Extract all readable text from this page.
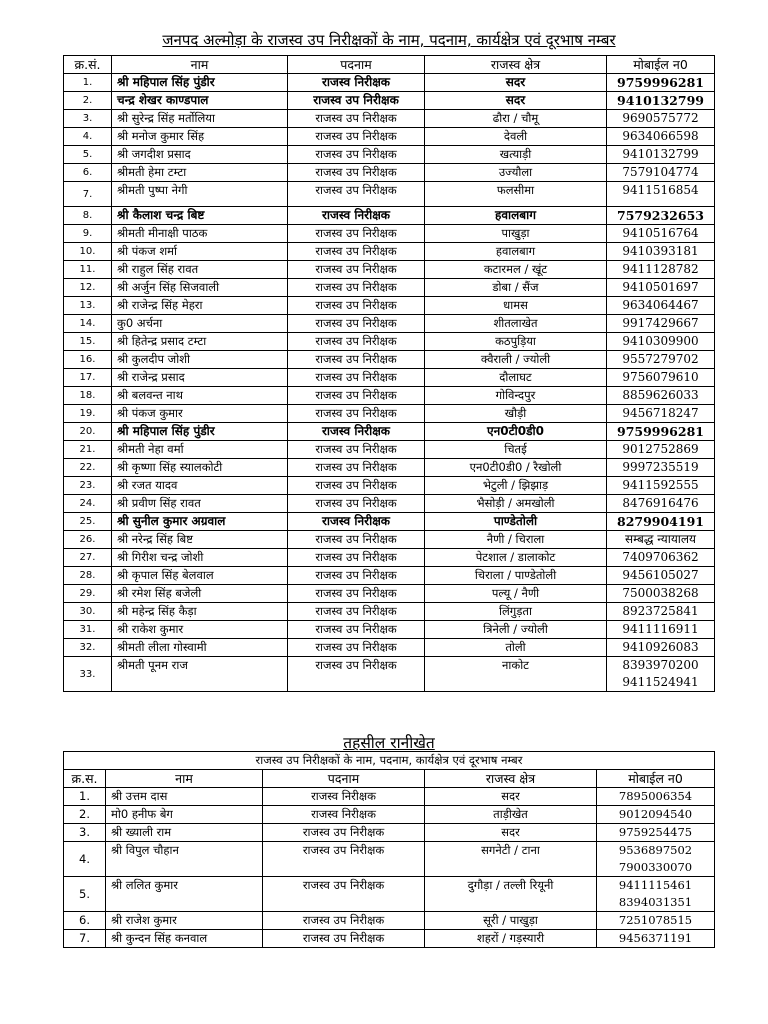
जनपद अल्मोड़ा के राजस्व उप निरीक्षकों के नाम, पदनाम, कार्यक्षेत्र एवं दूरभाष नम्बर
क्र.सं.	नाम	पदनाम	राजस्व क्षेत्र	मोबाईल न0
1.	श्री महिपाल सिंह पुंडीर	राजस्व निरीक्षक	सदर	9759996281

2.	चन्द्र शेखर काण्डपाल	राजस्व उप निरीक्षक	सदर	9410132799

3.	श्री सुरेन्द्र सिंह मर्तोलिया	राजस्व उप निरीक्षक	ढौरा / चौमू	9690575772

4.	श्री मनोज कुमार सिंह	राजस्व उप निरीक्षक	देवली	9634066598

5.	श्री जगदीश प्रसाद	राजस्व उप निरीक्षक	खत्याड़ी	9410132799

6.	श्रीमती हेमा टम्टा	राजस्व उप निरीक्षक	उज्यौला	7579104774

7.	श्रीमती पुष्पा नेगी	राजस्व उप निरीक्षक	फलसीमा	9411516854

8.	श्री कैलाश चन्द्र बिष्ट	राजस्व निरीक्षक	हवालबाग	7579232653

9.	श्रीमती मीनाक्षी पाठक	राजस्व उप निरीक्षक	पाखुड़ा	9410516764

10.	श्री पंकज शर्मा	राजस्व उप निरीक्षक	हवालबाग	9410393181

11.	श्री राहुल सिंह रावत	राजस्व उप निरीक्षक	कटारमल / खूंट	9411128782

12.	श्री अर्जुन सिंह सिजवाली	राजस्व उप निरीक्षक	डोबा / सैंज	9410501697

13.	श्री राजेन्द्र सिंह मेहरा	राजस्व उप निरीक्षक	धामस	9634064467

14.	कु0 अर्चना	राजस्व उप निरीक्षक	शीतलाखेत	9917429667

15.	श्री हितेन्द्र प्रसाद टम्टा	राजस्व उप निरीक्षक	कठपुड़िया	9410309900

16.	श्री कुलदीप जोशी	राजस्व उप निरीक्षक	क्वैराली / ज्योली	9557279702

17.	श्री राजेन्द्र प्रसाद	राजस्व उप निरीक्षक	दौलाघट	9756079610

18.	श्री बलवन्त नाथ	राजस्व उप निरीक्षक	गोविन्दपुर	8859626033

19.	श्री पंकज कुमार	राजस्व उप निरीक्षक	खौड़ी	9456718247

20.	श्री महिपाल सिंह पुंडीर	राजस्व निरीक्षक	एन0टी0डी0	9759996281

21.	श्रीमती नेहा वर्मा	राजस्व उप निरीक्षक	चितई	9012752869

22.	श्री कृष्णा सिंह स्यालकोटी	राजस्व उप निरीक्षक	एन0टी0डी0 / रैखोली	9997235519

23.	श्री रजत यादव	राजस्व उप निरीक्षक	भेटुली / झिझाड़	9411592555

24.	श्री प्रवीण सिंह रावत	राजस्व उप निरीक्षक	भैसोड़ी / अमखोली	8476916476

25.	श्री सुनील कुमार अग्रवाल	राजस्व निरीक्षक	पाण्डेतोली	8279904191

26.	श्री नरेन्द्र सिंह बिष्ट	राजस्व उप निरीक्षक	नैणी / चिराला	सम्बद्ध न्यायालय

27.	श्री गिरीश चन्द्र जोशी	राजस्व उप निरीक्षक	पेटशाल / डालाकोट	7409706362

28.	श्री कृपाल सिंह बेलवाल	राजस्व उप निरीक्षक	चिराला / पाण्डेतोली	9456105027

29.	श्री रमेश सिंह बजेली	राजस्व उप निरीक्षक	पल्यू / नैणी	7500038268

30.	श्री महेन्द्र सिंह कैड़ा	राजस्व उप निरीक्षक	लिंगुड़ता	8923725841

31.	श्री राकेश कुमार	राजस्व उप निरीक्षक	त्रिनेली / ज्योली	9411116911

32.	श्रीमती लीला गोस्वामी	राजस्व उप निरीक्षक	तोली	9410926083

33.	श्रीमती पूनम राज	राजस्व उप निरीक्षक	नाकोट	8393970200
9411524941
तहसील रानीखेत
राजस्व उप निरीक्षकों के नाम, पदनाम, कार्यक्षेत्र एवं दूरभाष नम्बर				
क्र.स.	नाम	पदनाम	राजस्व क्षेत्र	मोबाईल न0
1.	श्री उत्तम दास	राजस्व निरीक्षक	सदर	7895006354

2.	मो0 हनीफ बेग	राजस्व निरीक्षक	ताड़ीखेत	9012094540

3.	श्री ख्याली राम	राजस्व उप निरीक्षक	सदर	9759254475

4.	श्री विपुल चौहान	राजस्व उप निरीक्षक	सगनेटी / टाना	9536897502
7900330070

5.	श्री ललित कुमार	राजस्व उप निरीक्षक	दुगौड़ा / तल्ली रियूनी	9411115461
8394031351

6.	श्री राजेश कुमार	राजस्व उप निरीक्षक	सूरी / पाखुड़ा	7251078515

7.	श्री कुन्दन सिंह कनवाल	राजस्व उप निरीक्षक	शहरों / गड़स्यारी	9456371191
